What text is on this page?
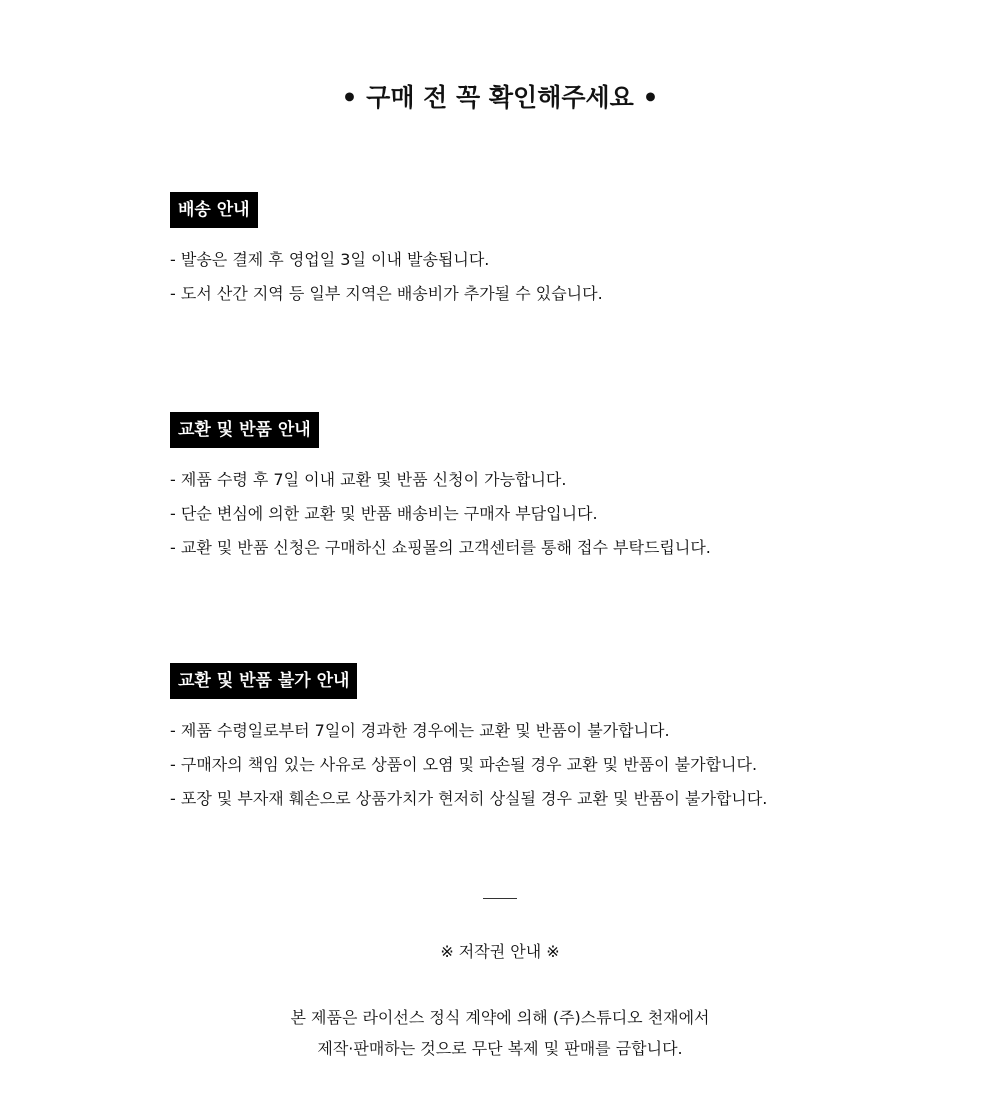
• 구매 전 꼭 확인해주세요 •
배송 안내
- 발송은 결제 후 영업일 3일 이내 발송됩니다.
- 도서 산간 지역 등 일부 지역은 배송비가 추가될 수 있습니다.
교환 및 반품 안내
- 제품 수령 후 7일 이내 교환 및 반품 신청이 가능합니다.
- 단순 변심에 의한 교환 및 반품 배송비는 구매자 부담입니다.
- 교환 및 반품 신청은 구매하신 쇼핑몰의 고객센터를 통해 접수 부탁드립니다.
교환 및 반품 불가 안내
- 제품 수령일로부터 7일이 경과한 경우에는 교환 및 반품이 불가합니다.
- 구매자의 책임 있는 사유로 상품이 오염 및 파손될 경우 교환 및 반품이 불가합니다.
- 포장 및 부자재 훼손으로 상품가치가 현저히 상실될 경우 교환 및 반품이 불가합니다.
※ 저작권 안내 ※
본 제품은 라이선스 정식 계약에 의해 (주)스튜디오 천재에서
제작·판매하는 것으로 무단 복제 및 판매를 금합니다.
